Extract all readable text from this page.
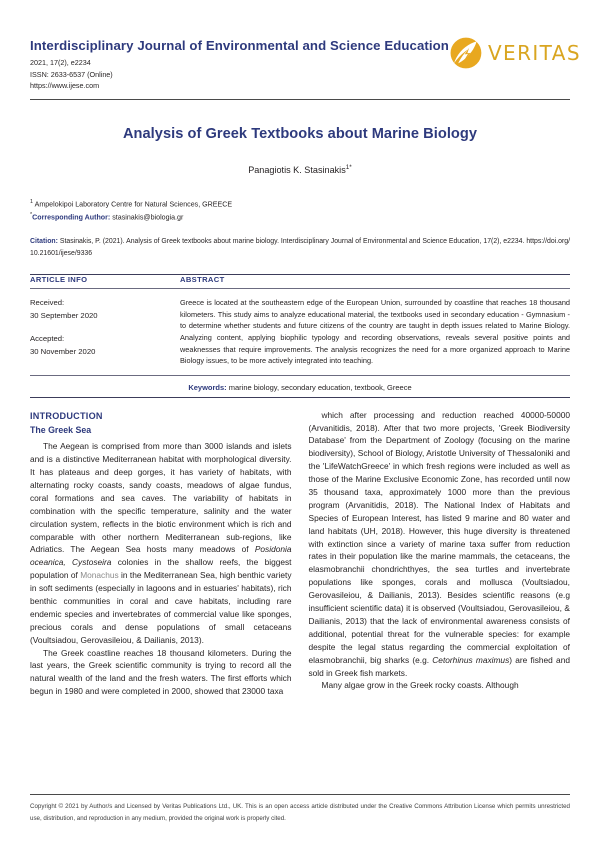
Interdisciplinary Journal of Environmental and Science Education
2021, 17(2), e2234
ISSN: 2633-6537 (Online)
https://www.ijese.com
VERITAS
Analysis of Greek Textbooks about Marine Biology
Panagiotis K. Stasinakis$^{1*}$
$^1$ Ampelokipoi Laboratory Centre for Natural Sciences, GREECE
*Corresponding Author: stasinakis@biologia.gr
Citation: Stasinakis, P. (2021). Analysis of Greek textbooks about marine biology. Interdisciplinary Journal of Environmental and Science Education, 17(2), e2234. https://doi.org/ 10.21601/ijese/9336
ARTICLE INFO	ABSTRACT
Received:
30 September 2020
Accepted:
30 November 2020
Greece is located at the southeastern edge of the European Union, surrounded by coastline that reaches 18 thousand kilometers. This study aims to analyze educational material, the textbooks used in secondary education - Gymnasium - to determine whether students and future citizens of the country are taught in depth issues related to Marine Biology. Analyzing content, applying biophilic typology and recording observations, reveals several positive points and weaknesses that require improvements. The analysis recognizes the need for a more organized approach to Marine Biology issues, to be more actively integrated into teaching.
Keywords: marine biology, secondary education, textbook, Greece
INTRODUCTION
The Greek Sea

The Aegean is comprised from more than 3000 islands and islets and is a distinctive Mediterranean habitat with morphological diversity. It has plateaus and deep gorges, it has variety of habitats, with alternating rocky coasts, sandy coasts, meadows of algae fundus, coral formations and sea caves. The variability of habitats in combination with the specific temperature, salinity and the water circulation system, reflects in the biotic environment which is rich and comparable with other northern Mediterranean sub-regions, like Adriatics. The Aegean Sea hosts many meadows of Posidonia oceanica, Cystoseira colonies in the shallow reefs, the biggest population of Monachus in the Mediterranean Sea, high benthic variety in soft sediments (especially in lagoons and in estuaries' habitats), rich benthic communities in coral and cave habitats, including rare endemic species and invertebrates of commercial value like sponges, precious corals and dense populations of small cetaceans (Voultsiadou, Gerovasileiou, & Dailianis, 2013).

The Greek coastline reaches 18 thousand kilometers. During the last years, the Greek scientific community is trying to record all the natural wealth of the land and the fresh waters. The first efforts which begun in 1980 and were completed in 2000, showed that 23000 taxa

which after processing and reduction reached 40000-50000 (Arvanitidis, 2018). After that two more projects, 'Greek Biodiversity Database' from the Department of Zoology (focusing on the marine biodiversity), School of Biology, Aristotle University of Thessaloniki and the 'LifeWatchGreece' in which fresh regions were included as well as those of the Marine Exclusive Economic Zone, has recorded until now 35 thousand taxa, approximately 1000 more than the previous program (Arvanitidis, 2018). The National Index of Habitats and Species of European Interest, has listed 9 marine and 80 water and land habitats (UH, 2018). However, this huge diversity is threatened with extinction since a variety of marine taxa suffer from reduction rates in their population like the marine mammals, the cetaceans, the elasmobranchii chondrichthyes, the sea turtles and invertebrate populations like sponges, corals and mollusca (Voultsiadou, Gerovasileiou, & Dailianis, 2013). Besides scientific reasons (e.g insufficient scientific data) it is observed (Voultsiadou, Gerovasileiou, & Dailianis, 2013) that the lack of environmental awareness consists of additional, potential threat for the vulnerable species: for example despite the legal status regarding the commercial exploitation of elasmobranchii, big sharks (e.g. Cetorhinus maximus) are fished and sold in Greek fish markets.

Many algae grow in the Greek rocky coasts. Although

Copyright © 2021 by Author/s and Licensed by Veritas Publications Ltd., UK. This is an open access article distributed under the Creative Commons Attribution License which permits unrestricted use, distribution, and reproduction in any medium, provided the original work is properly cited.
